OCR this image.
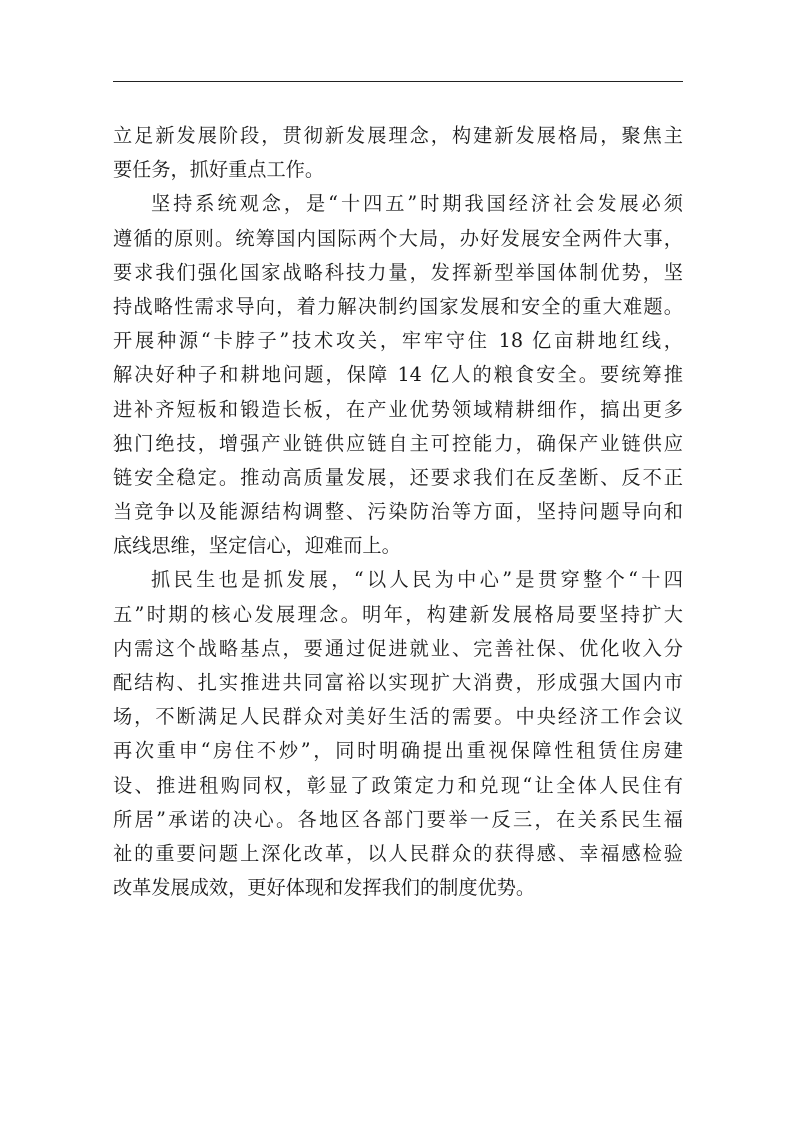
立足新发展阶段，贯彻新发展理念，构建新发展格局，聚焦主
要任务，抓好重点工作。
坚持系统观念，是“十四五”时期我国经济社会发展必须
遵循的原则。统筹国内国际两个大局，办好发展安全两件大事，
要求我们强化国家战略科技力量，发挥新型举国体制优势，坚
持战略性需求导向，着力解决制约国家发展和安全的重大难题。
开展种源“卡脖子”技术攻关，牢牢守住 18 亿亩耕地红线，
解决好种子和耕地问题，保障 14 亿人的粮食安全。要统筹推
进补齐短板和锻造长板，在产业优势领域精耕细作，搞出更多
独门绝技，增强产业链供应链自主可控能力，确保产业链供应
链安全稳定。推动高质量发展，还要求我们在反垄断、反不正
当竞争以及能源结构调整、污染防治等方面，坚持问题导向和
底线思维，坚定信心，迎难而上。
抓民生也是抓发展，“以人民为中心”是贯穿整个“十四
五”时期的核心发展理念。明年，构建新发展格局要坚持扩大
内需这个战略基点，要通过促进就业、完善社保、优化收入分
配结构、扎实推进共同富裕以实现扩大消费，形成强大国内市
场，不断满足人民群众对美好生活的需要。中央经济工作会议
再次重申“房住不炒”，同时明确提出重视保障性租赁住房建
设、推进租购同权，彰显了政策定力和兑现“让全体人民住有
所居”承诺的决心。各地区各部门要举一反三，在关系民生福
祉的重要问题上深化改革，以人民群众的获得感、幸福感检验
改革发展成效，更好体现和发挥我们的制度优势。
